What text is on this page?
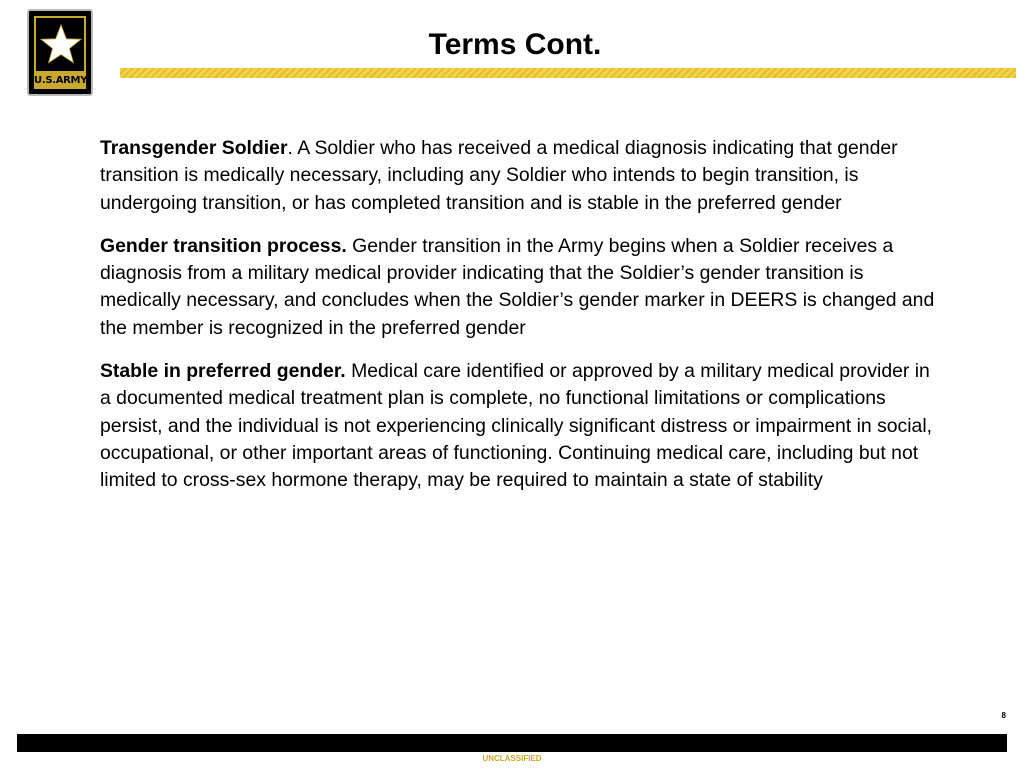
U.S.ARMY
Terms Cont.

Transgender Soldier. A Soldier who has received a medical diagnosis indicating that gender transition is medically necessary, including any Soldier who intends to begin transition, is undergoing transition, or has completed transition and is stable in the preferred gender

Gender transition process. Gender transition in the Army begins when a Soldier receives a diagnosis from a military medical provider indicating that the Soldier’s gender transition is medically necessary, and concludes when the Soldier’s gender marker in DEERS is changed and the member is recognized in the preferred gender

Stable in preferred gender. Medical care identified or approved by a military medical provider in a documented medical treatment plan is complete, no functional limitations or complications persist, and the individual is not experiencing clinically significant distress or impairment in social, occupational, or other important areas of functioning. Continuing medical care, including but not limited to cross-sex hormone therapy, may be required to maintain a state of stability

8
UNCLASSIFIED
